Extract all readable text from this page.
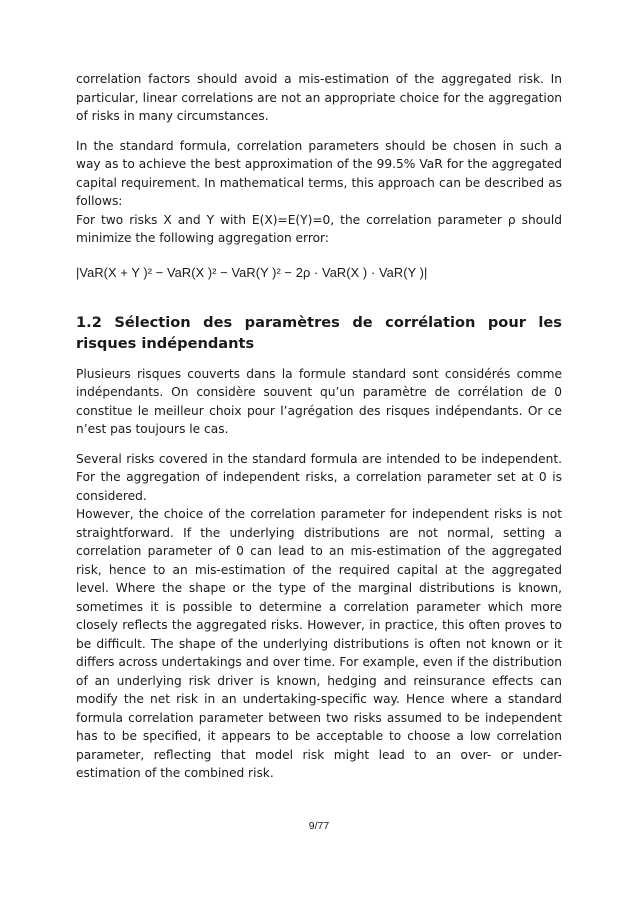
correlation factors should avoid a mis-estimation of the aggregated risk. In particular, linear correlations are not an appropriate choice for the aggregation of risks in many circumstances.

In the standard formula, correlation parameters should be chosen in such a way as to achieve the best approximation of the 99.5% VaR for the aggregated capital requirement. In mathematical terms, this approach can be described as follows:

For two risks X and Y with E(X)=E(Y)=0, the correlation parameter ρ should minimize the following aggregation error:

|VaR(X + Y )² − VaR(X )² − VaR(Y )² − 2ρ · VaR(X ) · VaR(Y )|
1.2 Sélection des paramètres de corrélation pour les risques indépendants

Plusieurs risques couverts dans la formule standard sont considérés comme indépendants. On considère souvent qu’un paramètre de corrélation de 0 constitue le meilleur choix pour l’agrégation des risques indépendants. Or ce n’est pas toujours le cas.

Several risks covered in the standard formula are intended to be independent. For the aggregation of independent risks, a correlation parameter set at 0 is considered.

However, the choice of the correlation parameter for independent risks is not straightforward. If the underlying distributions are not normal, setting a correlation parameter of 0 can lead to an mis-estimation of the aggregated risk, hence to an mis-estimation of the required capital at the aggregated level. Where the shape or the type of the marginal distributions is known, sometimes it is possible to determine a correlation parameter which more closely reflects the aggregated risks. However, in practice, this often proves to be difficult. The shape of the underlying distributions is often not known or it differs across undertakings and over time. For example, even if the distribution of an underlying risk driver is known, hedging and reinsurance effects can modify the net risk in an undertaking-specific way. Hence where a standard formula correlation parameter between two risks assumed to be independent has to be specified, it appears to be acceptable to choose a low correlation parameter, reflecting that model risk might lead to an over- or under-estimation of the combined risk.

9/77
